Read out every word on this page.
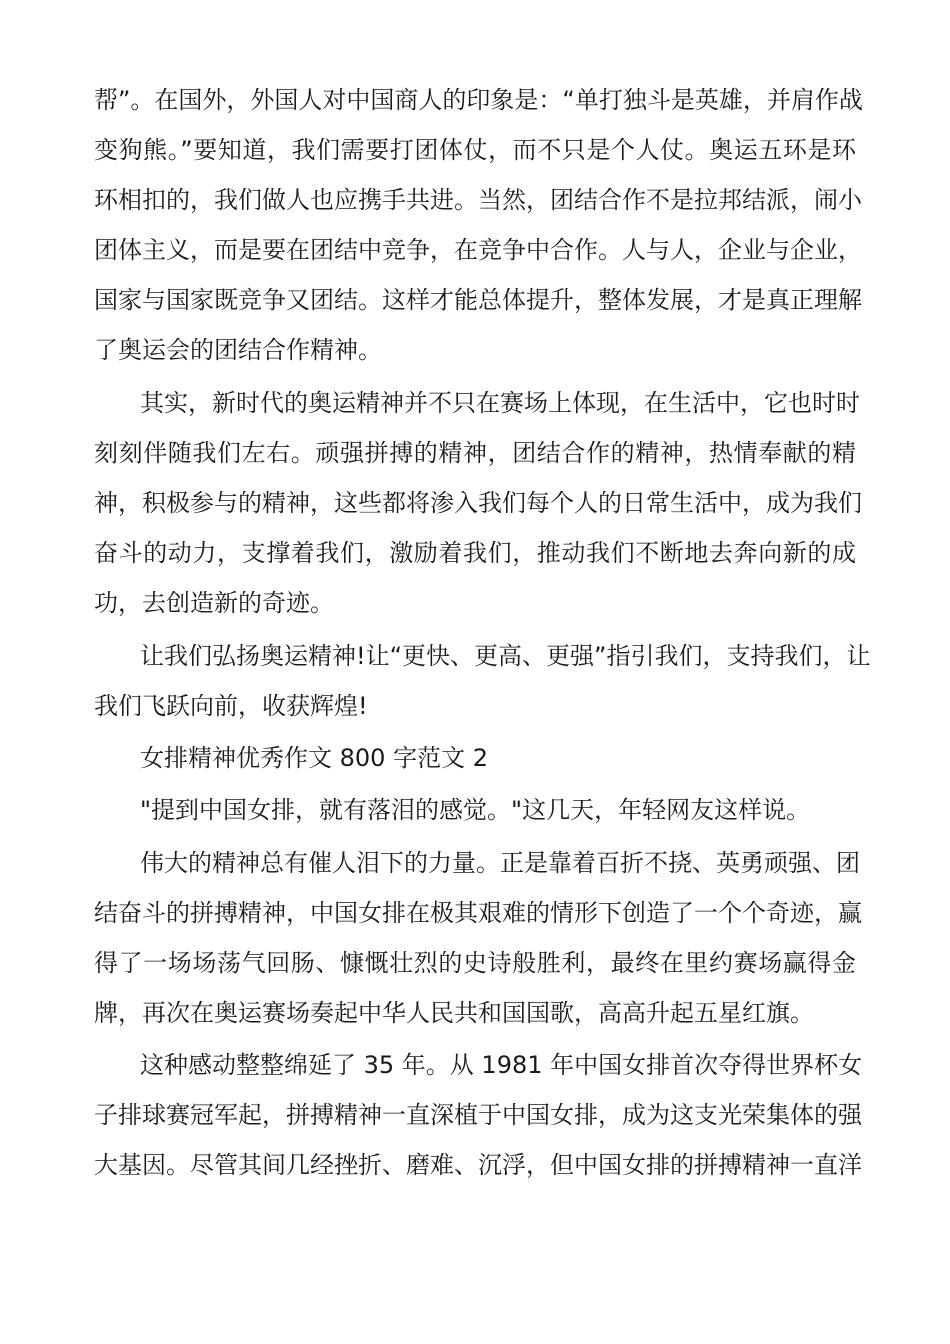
帮”。在国外，外国人对中国商人的印象是：“单打独斗是英雄，并肩作战
变狗熊。”要知道，我们需要打团体仗，而不只是个人仗。奥运五环是环
环相扣的，我们做人也应携手共进。当然，团结合作不是拉邦结派，闹小
团体主义，而是要在团结中竞争，在竞争中合作。人与人，企业与企业，
国家与国家既竞争又团结。这样才能总体提升，整体发展，才是真正理解
了奥运会的团结合作精神。
其实，新时代的奥运精神并不只在赛场上体现，在生活中，它也时时
刻刻伴随我们左右。顽强拼搏的精神，团结合作的精神，热情奉献的精
神，积极参与的精神，这些都将渗入我们每个人的日常生活中，成为我们
奋斗的动力，支撑着我们，激励着我们，推动我们不断地去奔向新的成
功，去创造新的奇迹。
让我们弘扬奥运精神!让“更快、更高、更强”指引我们，支持我们，让
我们飞跃向前，收获辉煌!
女排精神优秀作文 800 字范文 2
"提到中国女排，就有落泪的感觉。"这几天，年轻网友这样说。
伟大的精神总有催人泪下的力量。正是靠着百折不挠、英勇顽强、团
结奋斗的拼搏精神，中国女排在极其艰难的情形下创造了一个个奇迹，赢
得了一场场荡气回肠、慷慨壮烈的史诗般胜利，最终在里约赛场赢得金
牌，再次在奥运赛场奏起中华人民共和国国歌，高高升起五星红旗。
这种感动整整绵延了 35 年。从 1981 年中国女排首次夺得世界杯女
子排球赛冠军起，拼搏精神一直深植于中国女排，成为这支光荣集体的强
大基因。尽管其间几经挫折、磨难、沉浮，但中国女排的拼搏精神一直洋
